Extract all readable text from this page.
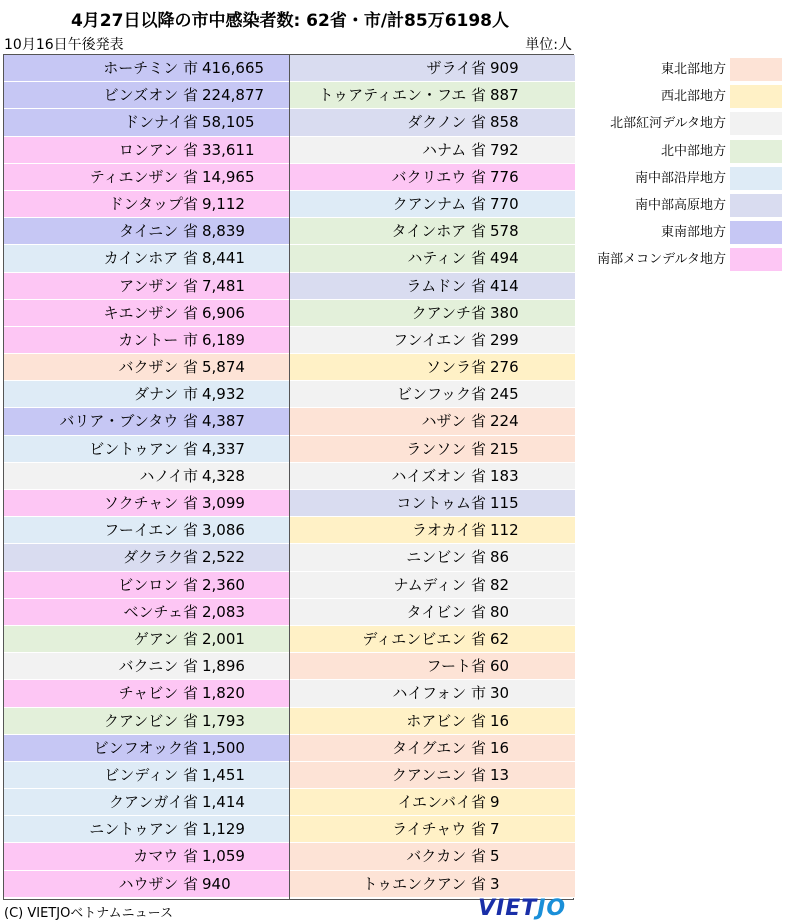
4月27日以降の市中感染者数: 62省・市/計85万6198人
10月16日午後発表	単位:人
ホーチミン 市 416,665
ビンズオン 省 224,877
ドンナイ省 58,105
ロンアン 省 33,611
ティエンザン 省 14,965
ドンタップ省 9,112
タイニン 省 8,839
カインホア 省 8,441
アンザン 省 7,481
キエンザン 省 6,906
カントー 市 6,189
バクザン 省 5,874
ダナン 市 4,932
バリア・ブンタウ 省 4,387
ビントゥアン 省 4,337
ハノイ市 4,328
ソクチャン 省 3,099
フーイエン 省 3,086
ダクラク省 2,522
ビンロン 省 2,360
ベンチェ省 2,083
ゲアン 省 2,001
バクニン 省 1,896
チャビン 省 1,820
クアンビン 省 1,793
ビンフオック省 1,500
ビンディン 省 1,451
クアンガイ省 1,414
ニントゥアン 省 1,129
カマウ 省 1,059
ハウザン 省 940
ザライ省 909
トゥアティエン・フエ 省 887
ダクノン 省 858
ハナム 省 792
バクリエウ 省 776
クアンナム 省 770
タインホア 省 578
ハティン 省 494
ラムドン 省 414
クアンチ省 380
フンイエン 省 299
ソンラ省 276
ビンフック省 245
ハザン 省 224
ランソン 省 215
ハイズオン 省 183
コントゥム省 115
ラオカイ省 112
ニンビン 省 86
ナムディン 省 82
タイビン 省 80
ディエンビエン 省 62
フート省 60
ハイフォン 市 30
ホアビン 省 16
タイグエン 省 16
クアンニン 省 13
イエンバイ省 9
ライチャウ 省 7
バクカン 省 5
トゥエンクアン 省 3
東北部地方
西北部地方
北部紅河デルタ地方
北中部地方
南中部沿岸地方
南中部高原地方
東南部地方
南部メコンデルタ地方
(C) VIETJOベトナムニュース	VIETJO
